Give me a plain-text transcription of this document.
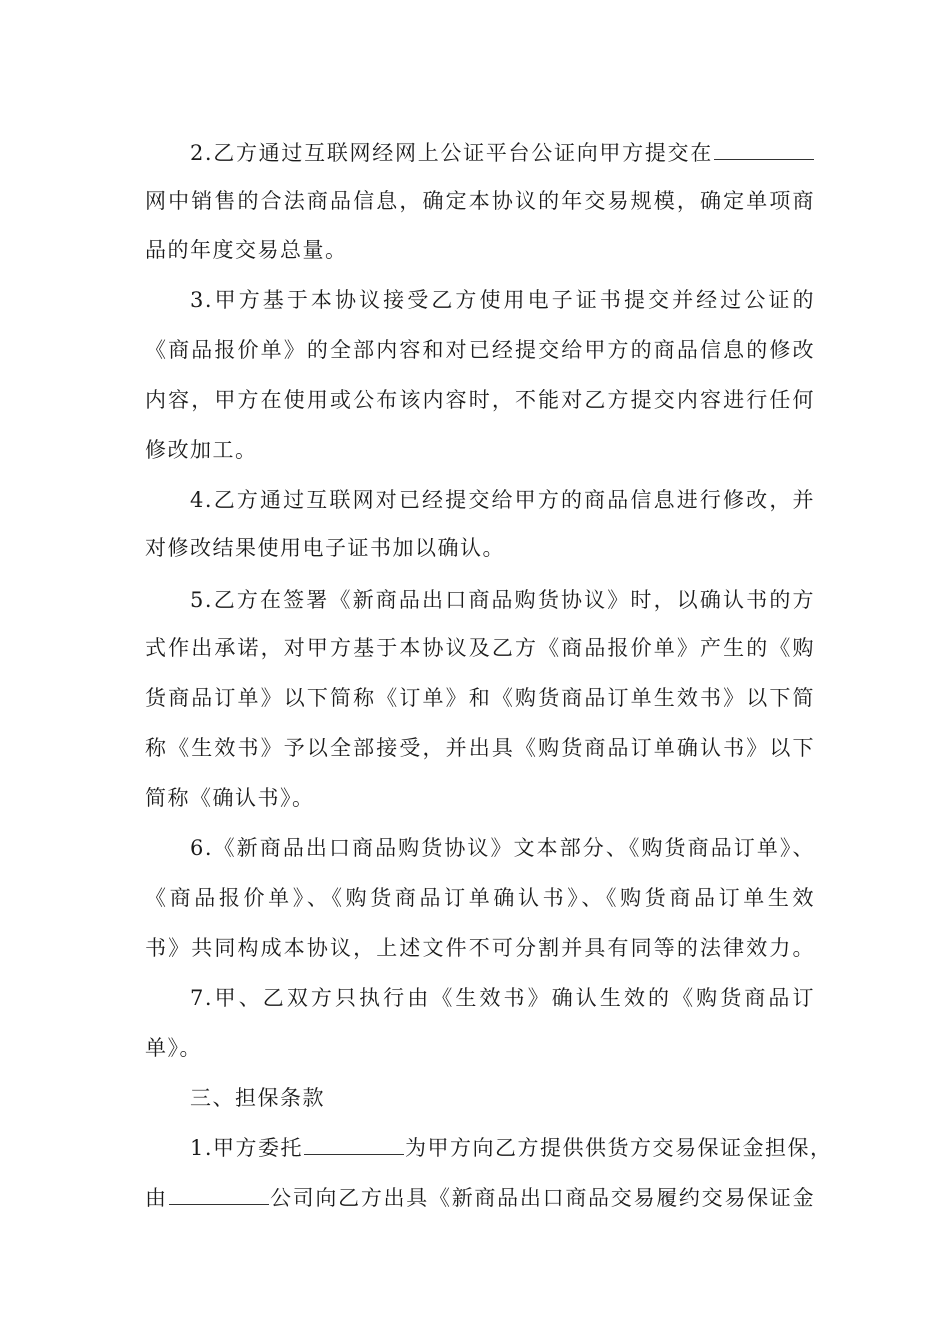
2.乙方通过互联网经网上公证平台公证向甲方提交在
网中销售的合法商品信息，确定本协议的年交易规模，确定单项商
品的年度交易总量。
3.甲方基于本协议接受乙方使用电子证书提交并经过公证的
《商品报价单》的全部内容和对已经提交给甲方的商品信息的修改
内容，甲方在使用或公布该内容时，不能对乙方提交内容进行任何
修改加工。
4.乙方通过互联网对已经提交给甲方的商品信息进行修改，并
对修改结果使用电子证书加以确认。
5.乙方在签署《新商品出口商品购货协议》时，以确认书的方
式作出承诺，对甲方基于本协议及乙方《商品报价单》产生的《购
货商品订单》以下简称《订单》和《购货商品订单生效书》以下简
称《生效书》予以全部接受，并出具《购货商品订单确认书》以下
简称《确认书》。
6.《新商品出口商品购货协议》文本部分、《购货商品订单》、
《商品报价单》、《购货商品订单确认书》、《购货商品订单生效
书》共同构成本协议，上述文件不可分割并具有同等的法律效力。
7.甲、乙双方只执行由《生效书》确认生效的《购货商品订
单》。
三、担保条款
1.甲方委托	为甲方向乙方提供供货方交易保证金担保，
由	公司向乙方出具《新商品出口商品交易履约交易保证金
